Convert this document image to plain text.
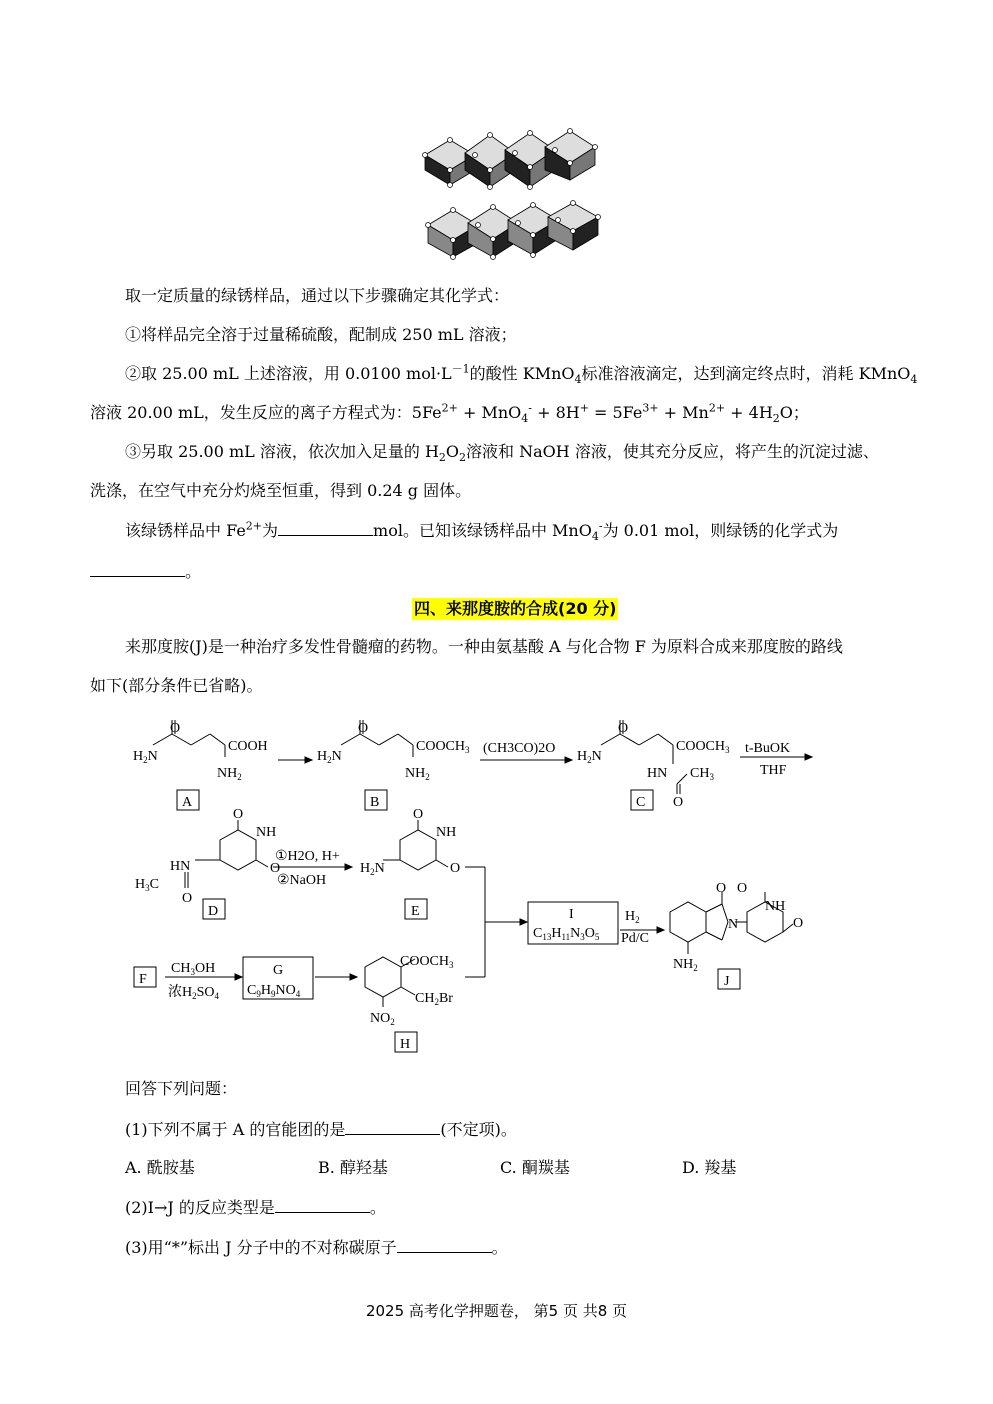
取一定质量的绿锈样品，通过以下步骤确定其化学式：
①将样品完全溶于过量稀硫酸，配制成 250 mL 溶液；
②取 25.00 mL 上述溶液，用 0.0100 $mol\cdot L^{-1}$的酸性 KMnO$_4$标准溶液滴定，达到滴定终点时，消耗 KMnO$_4$
溶液 20.00 mL，发生反应的离子方程式为：$5Fe^{2+} + MnO_4^- + 8H^+ = 5Fe^{3+} + Mn^{2+} + 4H_2O$；
③另取 25.00 mL 溶液，依次加入足量的 $H_2O_2$溶液和 NaOH 溶液，使其充分反应，将产生的沉淀过滤、
洗涤，在空气中充分灼烧至恒重，得到 0.24 g 固体。
该绿锈样品中 $Fe^{2+}$为	mol。已知该绿锈样品中 MnO$_4$-为 0.01 mol，则绿锈的化学式为
。
四、来那度胺的合成(20 分)
来那度胺(J)是一种治疗多发性骨髓瘤的药物。一种由氨基酸 A 与化合物 F 为原料合成来那度胺的路线
如下(部分条件已省略)。
O
$H_2N$
COOH
$NH_2$
A
O
$H_2N$
$COOCH_3$
$NH_2$
B
(CH3CO)2O
O
$H_2N$
$COOCH_3$
HN $CH_3$
O
C
t-BuOK
THF
O
NH
O
HN
$H_3C$
O
D
①H2O, H+
②NaOH
O
NH
O
$H_2N$
E	I
$C_{13}H_{11}N_3O_5$
$H_2$
Pd/C
O
N
O
NH
O
$NH_2$
J
F
$CH_3OH$
浓$H_2SO_4$
G
$C_9H_9NO_4$
$COOCH_3$
$CH_2Br$
$NO_2$
H
回答下列问题：
(1)下列不属于 A 的官能团的是	(不定项)。
A. 酰胺基	B. 醇羟基	C. 酮羰基	D. 羧基
(2)I→J 的反应类型是	。
(3)用“*”标出 J 分子中的不对称碳原子	。
2025 高考化学押题卷， 第5 页 共8 页
